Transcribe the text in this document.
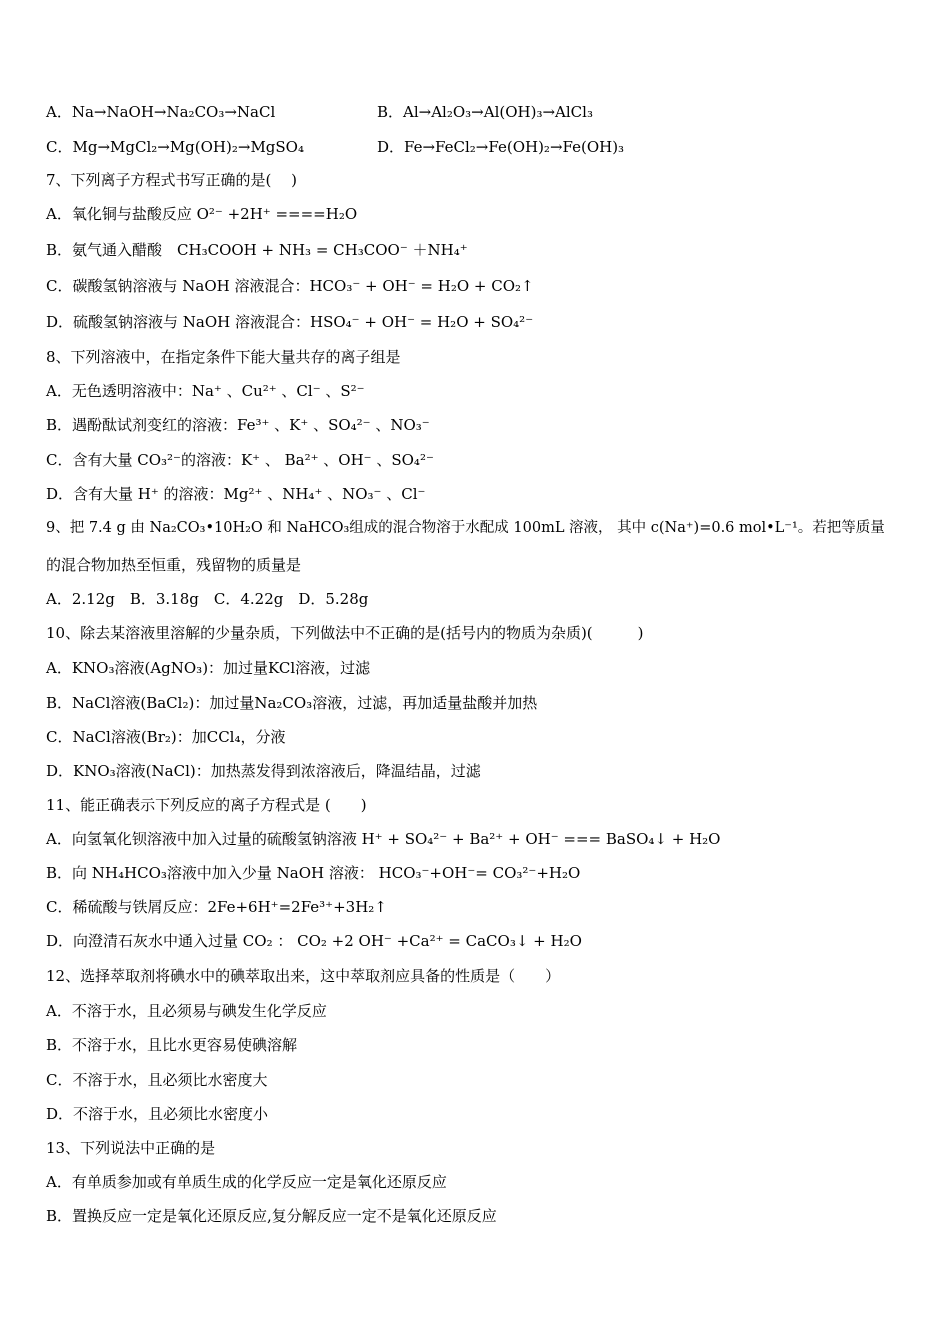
A．Na→NaOH→Na₂CO₃→NaCl	B．Al→Al₂O₃→Al(OH)₃→AlCl₃
C．Mg→MgCl₂→Mg(OH)₂→MgSO₄	D．Fe→FeCl₂→Fe(OH)₂→Fe(OH)₃
7、下列离子方程式书写正确的是(　 )
A．氧化铜与盐酸反应 O²⁻ +2H⁺ ====H₂O
B．氨气通入醋酸　CH₃COOH + NH₃ = CH₃COO⁻ ＋NH₄⁺
C．碳酸氢钠溶液与 NaOH 溶液混合：HCO₃⁻ + OH⁻ = H₂O + CO₂↑
D．硫酸氢钠溶液与 NaOH 溶液混合：HSO₄⁻ + OH⁻ = H₂O + SO₄²⁻
8、下列溶液中，在指定条件下能大量共存的离子组是
A．无色透明溶液中：Na⁺ 、Cu²⁺ 、Cl⁻ 、S²⁻
B．遇酚酞试剂变红的溶液：Fe³⁺ 、K⁺ 、SO₄²⁻ 、NO₃⁻
C．含有大量 CO₃²⁻的溶液：K⁺ 、 Ba²⁺ 、OH⁻ 、SO₄²⁻
D．含有大量 H⁺ 的溶液：Mg²⁺ 、NH₄⁺ 、NO₃⁻ 、Cl⁻
9、把 7.4 g 由 Na₂CO₃•10H₂O 和 NaHCO₃组成的混合物溶于水配成 100mL 溶液， 其中 c(Na⁺)=0.6 mol•L⁻¹。若把等质量
的混合物加热至恒重，残留物的质量是
A．2.12g　B．3.18g　C．4.22g　D．5.28g
10、除去某溶液里溶解的少量杂质，下列做法中不正确的是(括号内的物质为杂质)(　　　)
A．KNO₃溶液(AgNO₃)：加过量KCl溶液，过滤
B．NaCl溶液(BaCl₂)：加过量Na₂CO₃溶液，过滤，再加适量盐酸并加热
C．NaCl溶液(Br₂)：加CCl₄，分液
D．KNO₃溶液(NaCl)：加热蒸发得到浓溶液后，降温结晶，过滤
11、能正确表示下列反应的离子方程式是 (　　)
A．向氢氧化钡溶液中加入过量的硫酸氢钠溶液 H⁺ + SO₄²⁻ + Ba²⁺ + OH⁻ === BaSO₄↓ + H₂O
B．向 NH₄HCO₃溶液中加入少量 NaOH 溶液： HCO₃⁻+OH⁻= CO₃²⁻+H₂O
C．稀硫酸与铁屑反应：2Fe+6H⁺=2Fe³⁺+3H₂↑
D．向澄清石灰水中通入过量 CO₂ ： CO₂ +2 OH⁻ +Ca²⁺ = CaCO₃↓ + H₂O
12、选择萃取剂将碘水中的碘萃取出来，这中萃取剂应具备的性质是（　　）
A．不溶于水，且必须易与碘发生化学反应
B．不溶于水，且比水更容易使碘溶解
C．不溶于水，且必须比水密度大
D．不溶于水，且必须比水密度小
13、下列说法中正确的是
A．有单质参加或有单质生成的化学反应一定是氧化还原反应
B．置换反应一定是氧化还原反应,复分解反应一定不是氧化还原反应
